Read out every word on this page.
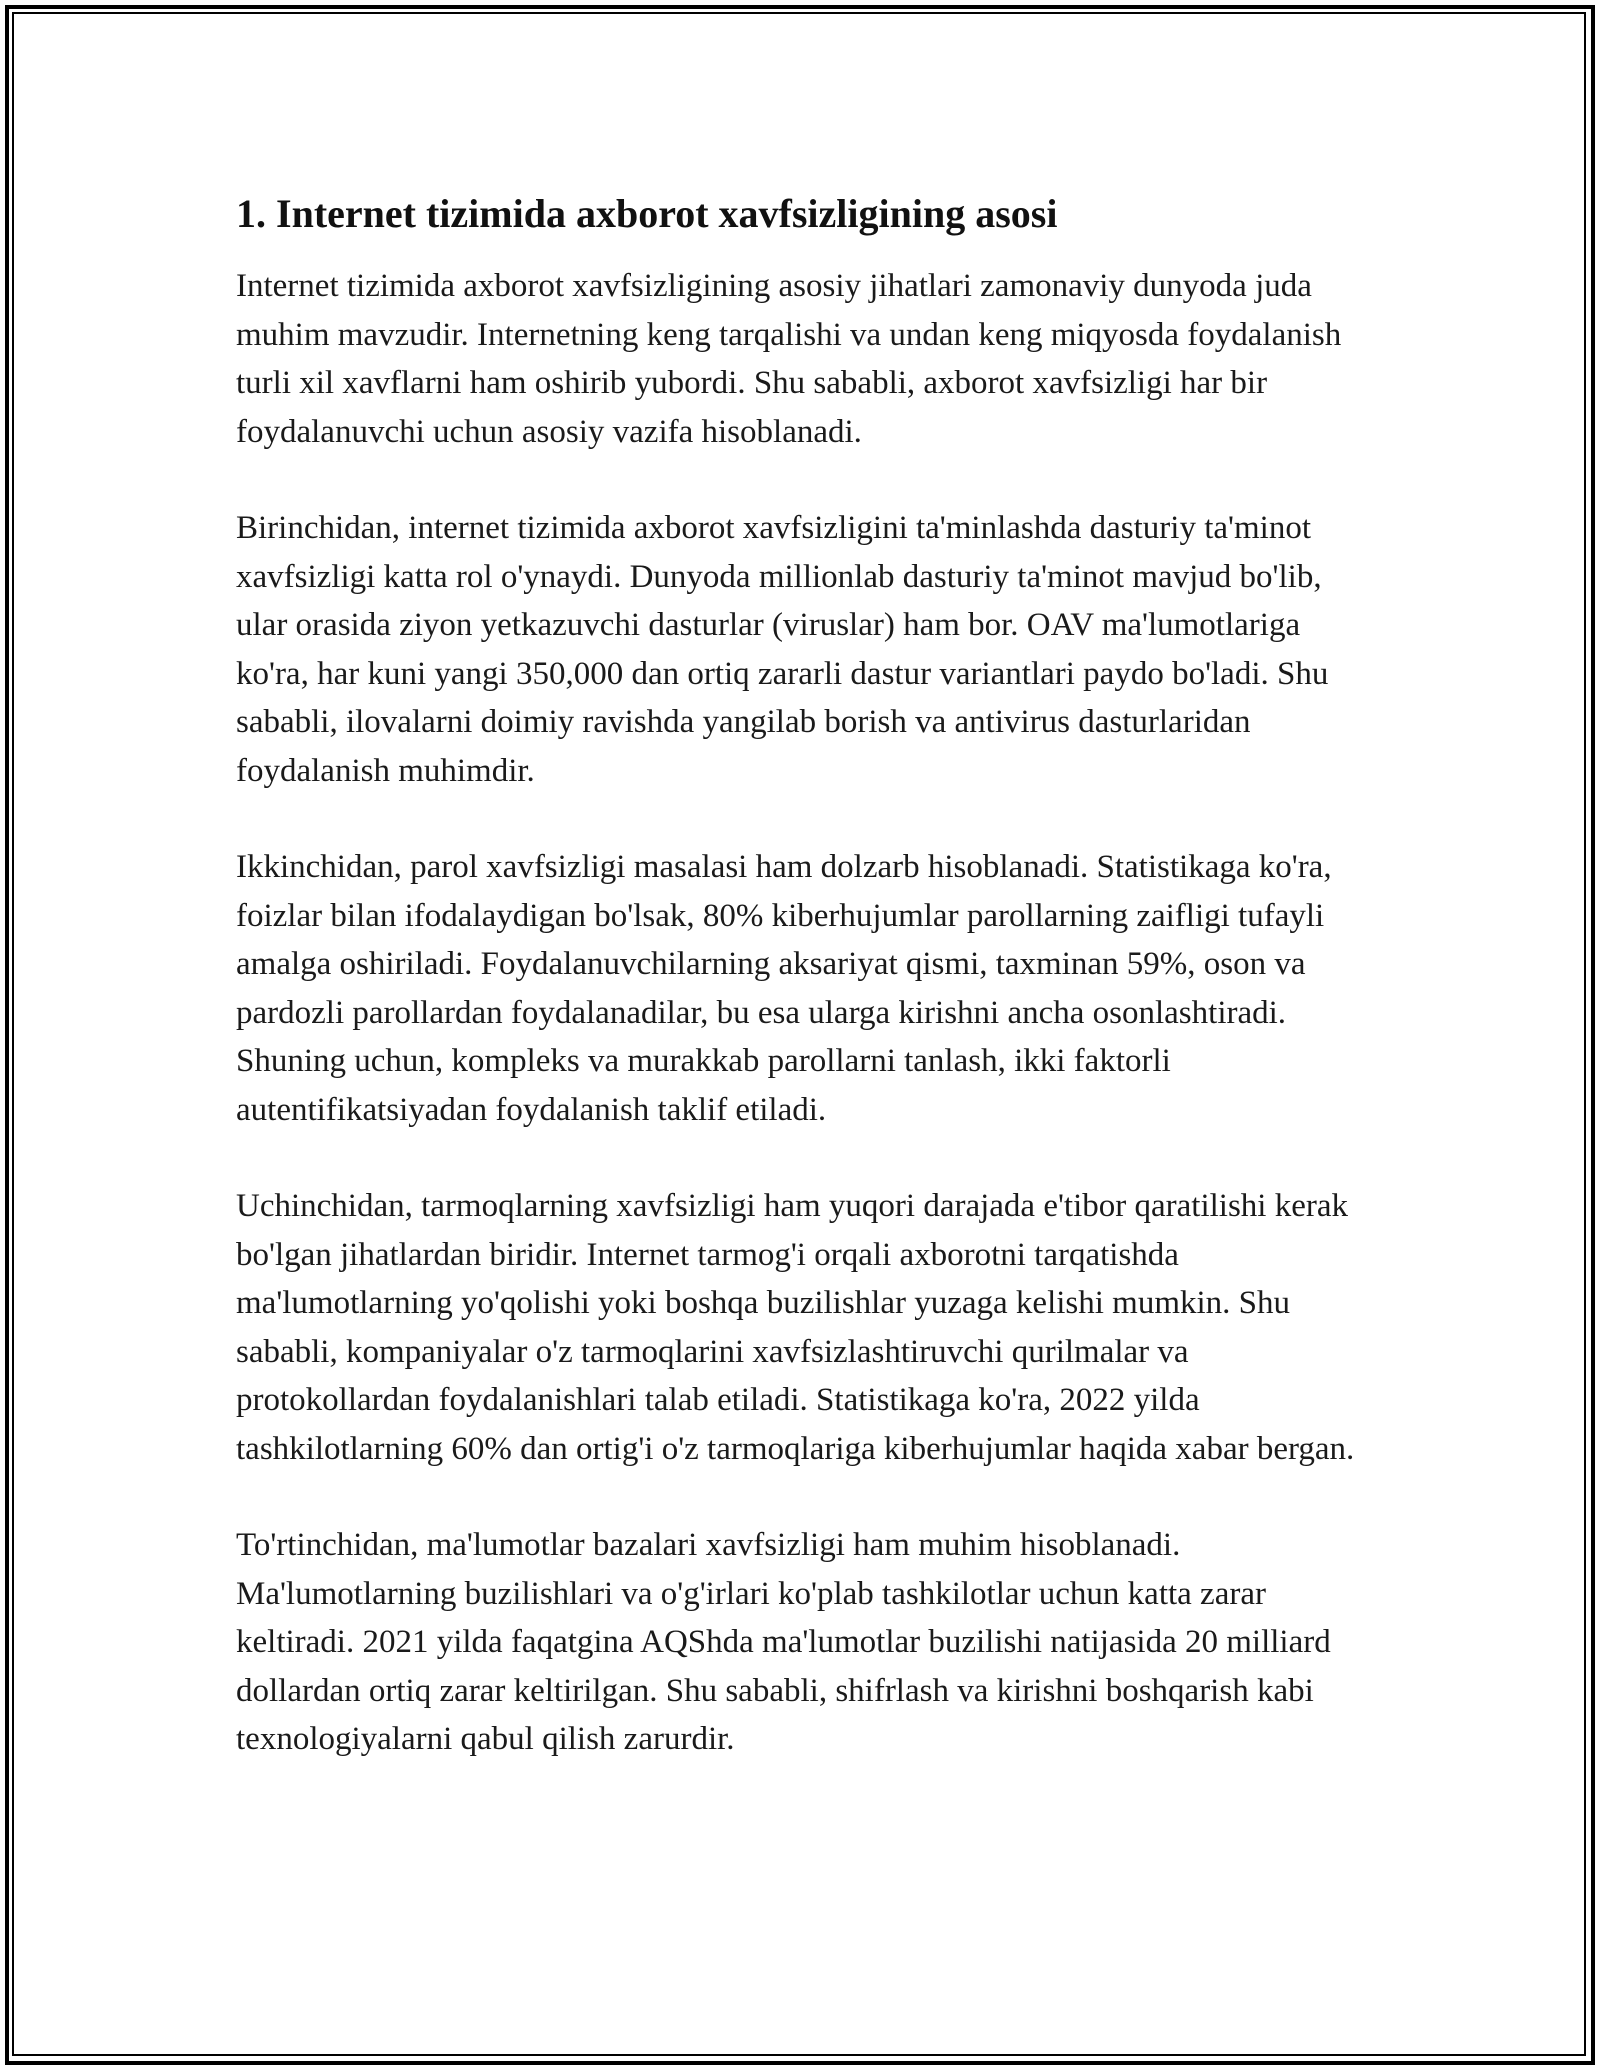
1. Internet tizimida axborot xavfsizligining asosi

Internet tizimida axborot xavfsizligining asosiy jihatlari zamonaviy dunyoda juda muhim mavzudir. Internetning keng tarqalishi va undan keng miqyosda foydalanish turli xil xavflarni ham oshirib yubordi. Shu sababli, axborot xavfsizligi har bir foydalanuvchi uchun asosiy vazifa hisoblanadi.

Birinchidan, internet tizimida axborot xavfsizligini ta'minlashda dasturiy ta'minot xavfsizligi katta rol o'ynaydi. Dunyoda millionlab dasturiy ta'minot mavjud bo'lib, ular orasida ziyon yetkazuvchi dasturlar (viruslar) ham bor. OAV ma'lumotlariga ko'ra, har kuni yangi 350,000 dan ortiq zararli dastur variantlari paydo bo'ladi. Shu sababli, ilovalarni doimiy ravishda yangilab borish va antivirus dasturlaridan foydalanish muhimdir.

Ikkinchidan, parol xavfsizligi masalasi ham dolzarb hisoblanadi. Statistikaga ko'ra, foizlar bilan ifodalaydigan bo'lsak, 80% kiberhujumlar parollarning zaifligi tufayli amalga oshiriladi. Foydalanuvchilarning aksariyat qismi, taxminan 59%, oson va pardozli parollardan foydalanadilar, bu esa ularga kirishni ancha osonlashtiradi. Shuning uchun, kompleks va murakkab parollarni tanlash, ikki faktorli autentifikatsiyadan foydalanish taklif etiladi.

Uchinchidan, tarmoqlarning xavfsizligi ham yuqori darajada e'tibor qaratilishi kerak bo'lgan jihatlardan biridir. Internet tarmog'i orqali axborotni tarqatishda ma'lumotlarning yo'qolishi yoki boshqa buzilishlar yuzaga kelishi mumkin. Shu sababli, kompaniyalar o'z tarmoqlarini xavfsizlashtiruvchi qurilmalar va protokollardan foydalanishlari talab etiladi. Statistikaga ko'ra, 2022 yilda tashkilotlarning 60% dan ortig'i o'z tarmoqlariga kiberhujumlar haqida xabar bergan.

To'rtinchidan, ma'lumotlar bazalari xavfsizligi ham muhim hisoblanadi. Ma'lumotlarning buzilishlari va o'g'irlari ko'plab tashkilotlar uchun katta zarar keltiradi. 2021 yilda faqatgina AQShda ma'lumotlar buzilishi natijasida 20 milliard dollardan ortiq zarar keltirilgan. Shu sababli, shifrlash va kirishni boshqarish kabi texnologiyalarni qabul qilish zarurdir.
